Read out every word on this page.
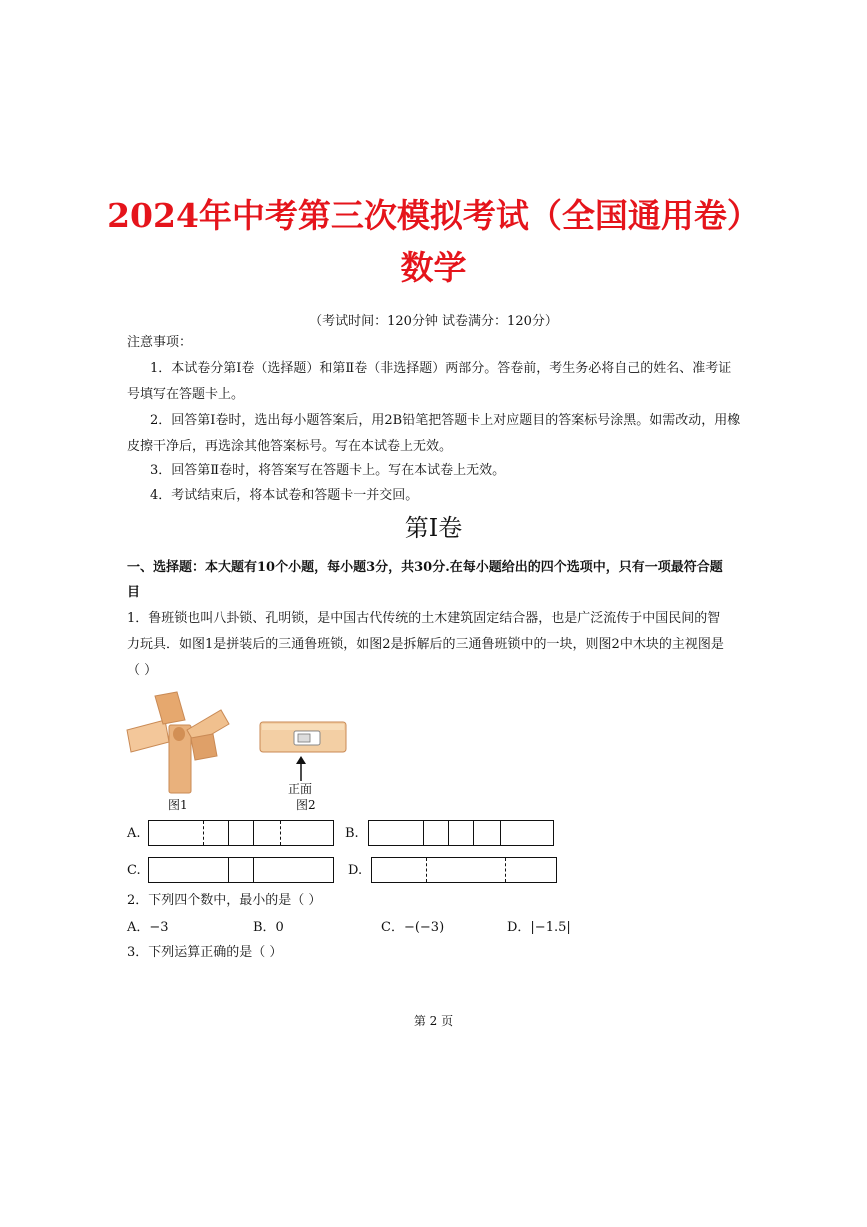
2024年中考第三次模拟考试（全国通用卷）
数学
（考试时间：120分钟 试卷满分：120分）
注意事项：
1．本试卷分第Ⅰ卷（选择题）和第Ⅱ卷（非选择题）两部分。答卷前，考生务必将自己的姓名、准考证
号填写在答题卡上。
2．回答第Ⅰ卷时，选出每小题答案后，用2B铅笔把答题卡上对应题目的答案标号涂黑。如需改动，用橡
皮擦干净后，再选涂其他答案标号。写在本试卷上无效。
3．回答第Ⅱ卷时，将答案写在答题卡上。写在本试卷上无效。
4．考试结束后，将本试卷和答题卡一并交回。
第Ⅰ卷
一、选择题：本大题有10个小题，每小题3分，共30分.在每小题给出的四个选项中，只有一项最符合题
目
1．鲁班锁也叫八卦锁、孔明锁，是中国古代传统的土木建筑固定结合器，也是广泛流传于中国民间的智
力玩具．如图1是拼装后的三通鲁班锁，如图2是拆解后的三通鲁班锁中的一块，则图2中木块的主视图是
（ ）
图1
正面
图2
A.	B.
C.	D.
2．下列四个数中，最小的是（ ）
A．−3	B．0	C．−(−3)	D．|−1.5|
3．下列运算正确的是（ ）
第 2 页
